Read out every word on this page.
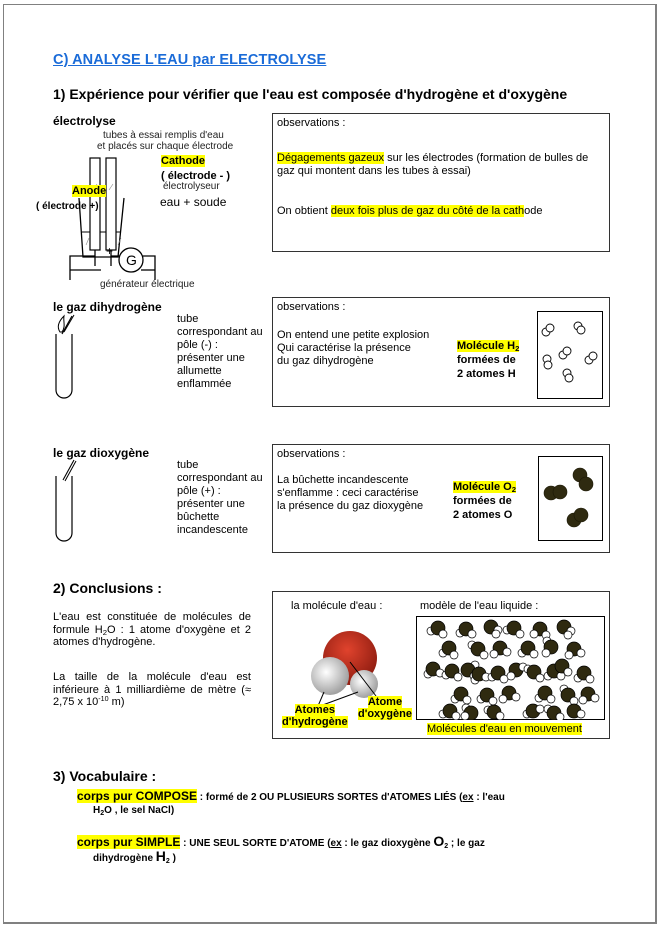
C) ANALYSE L'EAU par ELECTROLYSE
1) Expérience pour vérifier que l'eau est composée d'hydrogène et d'oxygène
électrolyse
tubes à essai remplis d'eau
et placés sur chaque électrode
G
+
générateur électrique
Cathode
( électrode - )
électrolyseur
Anode
( électrode +)	eau + soude
observations :
Dégagements gazeux sur les électrodes (formation de bulles de gaz qui montent dans les tubes à essai)
On obtient deux fois plus de gaz du côté de la cathode
le gaz dihydrogène
tube
correspondant au
pôle (-) :
présenter une
allumette
enflammée
observations :
On entend une petite explosion
Qui caractérise la présence
du gaz dihydrogène
Molécule $H_2$
formées de
2 atomes H
le gaz dioxygène
tube
correspondant au
pôle (+) :
présenter une
bûchette
incandescente
observations :
La bûchette incandescente
s'enflamme : ceci caractérise
la présence du gaz dioxygène
Molécule $O_2$
formées de
2 atomes O
2) Conclusions :
L'eau est constituée de molécules de formule $H_2O$ : 1 atome d'oxygène et 2 atomes d'hydrogène.
La taille de la molécule d'eau est inférieure à 1 milliardième de mètre (≈ 2,75 x $10^{-10}$ m)
la molécule d'eau :	modèle de l'eau liquide :
Atomes
d'hydrogène
Atome
d'oxygène
Molécules d'eau en mouvement
3) Vocabulaire :
corps pur COMPOSE : formé de 2 OU PLUSIEURS SORTES d'ATOMES LIÉS (ex : l'eau
$H_2O$ , le sel NaCl)
corps pur SIMPLE : UNE SEUL SORTE D'ATOME (ex : le gaz dioxygène $O_2$ ; le gaz
dihydrogène $H_2$ )
